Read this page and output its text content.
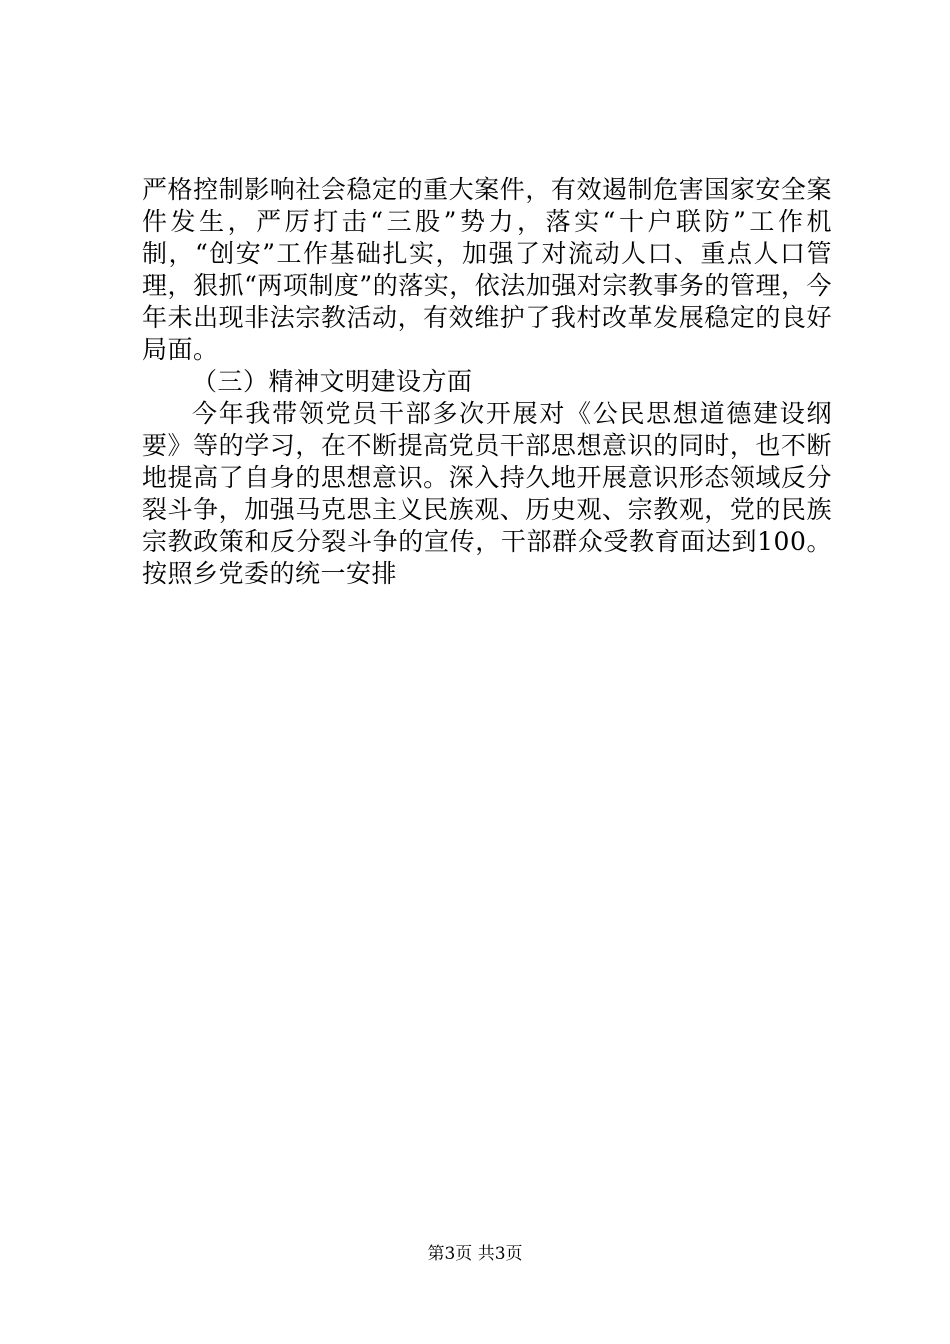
严格控制影响社会稳定的重大案件，有效遏制危害国家安全案件发生，严厉打击“三股”势力，落实“十户联防”工作机制，“创安”工作基础扎实，加强了对流动人口、重点人口管理，狠抓“两项制度”的落实，依法加强对宗教事务的管理，今年未出现非法宗教活动，有效维护了我村改革发展稳定的良好局面。

（三）精神文明建设方面

今年我带领党员干部多次开展对《公民思想道德建设纲要》等的学习，在不断提高党员干部思想意识的同时，也不断地提高了自身的思想意识。深入持久地开展意识形态领域反分裂斗争，加强马克思主义民族观、历史观、宗教观，党的民族宗教政策和反分裂斗争的宣传，干部群众受教育面达到100。按照乡党委的统一安排

第3页 共3页
